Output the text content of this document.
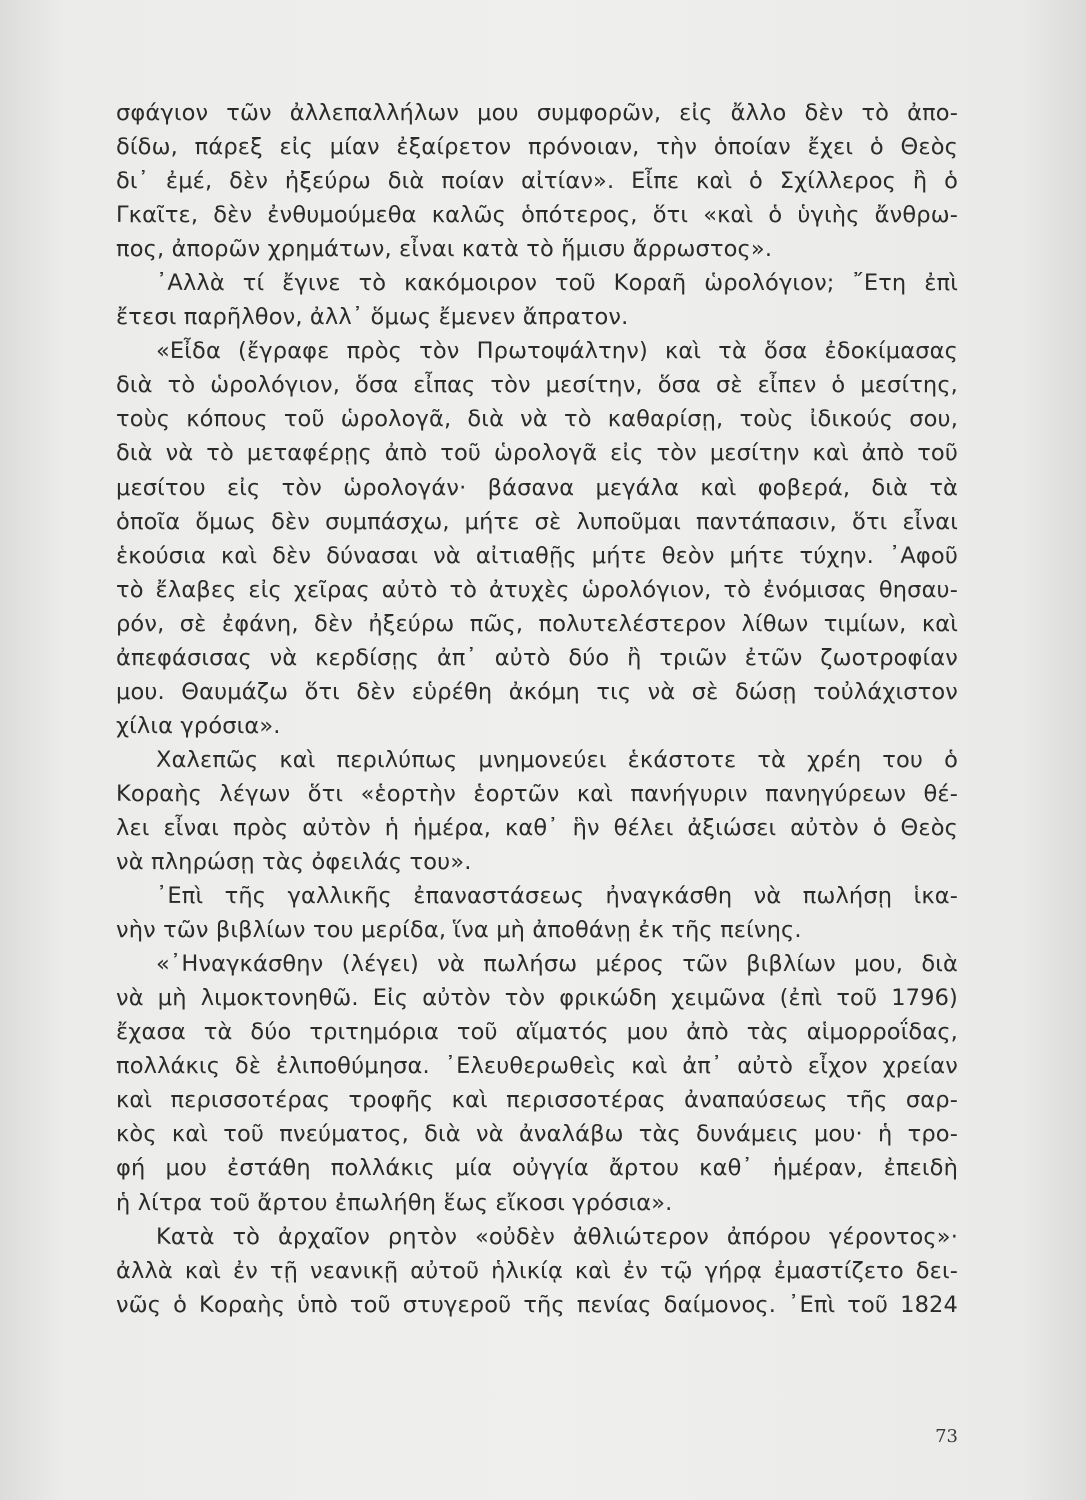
σφάγιον τῶν ἀλλεπαλλήλων μου συμφορῶν, εἰς ἄλλο δὲν τὸ ἀπο-
δίδω, πάρεξ εἰς μίαν ἐξαίρετον πρόνοιαν, τὴν ὁποίαν ἔχει ὁ Θεὸς
δι᾽ ἐμέ, δὲν ἠξεύρω διὰ ποίαν αἰτίαν». Εἶπε καὶ ὁ Σχίλλερος ἢ ὁ
Γκαῖτε, δὲν ἐνθυμούμεθα καλῶς ὁπότερος, ὅτι «καὶ ὁ ὑγιὴς ἄνθρω-
πος, ἀπορῶν χρημάτων, εἶναι κατὰ τὸ ἥμισυ ἄρρωστος».
᾽Αλλὰ τί ἔγινε τὸ κακόμοιρον τοῦ Κοραῆ ὡρολόγιον; ῎Ετη ἐπὶ
ἔτεσι παρῆλθον, ἀλλ᾽ ὅμως ἔμενεν ἄπρατον.
«Εἶδα (ἔγραφε πρὸς τὸν Πρωτοψάλτην) καὶ τὰ ὅσα ἐδοκίμασας
διὰ τὸ ὡρολόγιον, ὅσα εἶπας τὸν μεσίτην, ὅσα σὲ εἶπεν ὁ μεσίτης,
τοὺς κόπους τοῦ ὡρολογᾶ, διὰ νὰ τὸ καθαρίσῃ, τοὺς ἰδικούς σου,
διὰ νὰ τὸ μεταφέρῃς ἀπὸ τοῦ ὡρολογᾶ εἰς τὸν μεσίτην καὶ ἀπὸ τοῦ
μεσίτου εἰς τὸν ὡρολογάν· βάσανα μεγάλα καὶ φοβερά, διὰ τὰ
ὁποῖα ὅμως δὲν συμπάσχω, μήτε σὲ λυποῦμαι παντάπασιν, ὅτι εἶναι
ἑκούσια καὶ δὲν δύνασαι νὰ αἰτιαθῇς μήτε θεὸν μήτε τύχην. ᾽Αφοῦ
τὸ ἔλαβες εἰς χεῖρας αὐτὸ τὸ ἀτυχὲς ὡρολόγιον, τὸ ἐνόμισας θησαυ-
ρόν, σὲ ἐφάνη, δὲν ἠξεύρω πῶς, πολυτελέστερον λίθων τιμίων, καὶ
ἀπεφάσισας νὰ κερδίσῃς ἀπ᾽ αὐτὸ δύο ἢ τριῶν ἐτῶν ζωοτροφίαν
μου. Θαυμάζω ὅτι δὲν εὑρέθη ἀκόμη τις νὰ σὲ δώσῃ τοὐλάχιστον
χίλια γρόσια».
Χαλεπῶς καὶ περιλύπως μνημονεύει ἑκάστοτε τὰ χρέη του ὁ
Κοραὴς λέγων ὅτι «ἑορτὴν ἑορτῶν καὶ πανήγυριν πανηγύρεων θέ-
λει εἶναι πρὸς αὐτὸν ἡ ἡμέρα, καθ᾽ ἣν θέλει ἀξιώσει αὐτὸν ὁ Θεὸς
νὰ πληρώσῃ τὰς ὀφειλάς του».
᾽Επὶ τῆς γαλλικῆς ἐπαναστάσεως ἠναγκάσθη νὰ πωλήσῃ ἱκα-
νὴν τῶν βιβλίων του μερίδα, ἵνα μὴ ἀποθάνῃ ἐκ τῆς πείνης.
«᾽Ηναγκάσθην (λέγει) νὰ πωλήσω μέρος τῶν βιβλίων μου, διὰ
νὰ μὴ λιμοκτονηθῶ. Εἰς αὐτὸν τὸν φρικώδη χειμῶνα (ἐπὶ τοῦ 1796)
ἔχασα τὰ δύο τριτημόρια τοῦ αἵματός μου ἀπὸ τὰς αἱμορροΐδας,
πολλάκις δὲ ἐλιποθύμησα. ᾽Ελευθερωθεὶς καὶ ἀπ᾽ αὐτὸ εἶχον χρείαν
καὶ περισσοτέρας τροφῆς καὶ περισσοτέρας ἀναπαύσεως τῆς σαρ-
κὸς καὶ τοῦ πνεύματος, διὰ νὰ ἀναλάβω τὰς δυνάμεις μου· ἡ τρο-
φή μου ἐστάθη πολλάκις μία οὐγγία ἄρτου καθ᾽ ἡμέραν, ἐπειδὴ
ἡ λίτρα τοῦ ἄρτου ἐπωλήθη ἕως εἴκοσι γρόσια».
Κατὰ τὸ ἀρχαῖον ρητὸν «οὐδὲν ἀθλιώτερον ἀπόρου γέροντος»·
ἀλλὰ καὶ ἐν τῇ νεανικῇ αὐτοῦ ἡλικίᾳ καὶ ἐν τῷ γήρᾳ ἐμαστίζετο δει-
νῶς ὁ Κοραὴς ὑπὸ τοῦ στυγεροῦ τῆς πενίας δαίμονος. ᾽Επὶ τοῦ 1824
73
